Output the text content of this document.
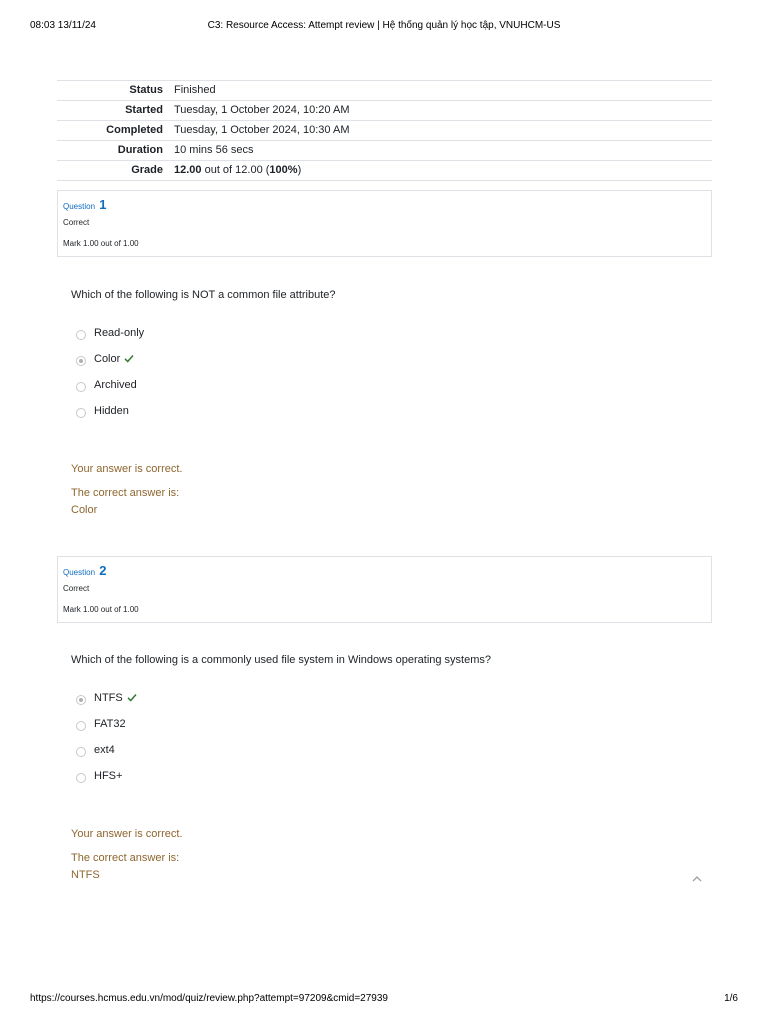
08:03 13/11/24	C3: Resource Access: Attempt review | Hệ thống quản lý học tập, VNUHCM-US
Status	Finished
Started	Tuesday, 1 October 2024, 10:20 AM
Completed	Tuesday, 1 October 2024, 10:30 AM
Duration	10 mins 56 secs
Grade	12.00 out of 12.00 (100%)
Question 1
Correct
Mark 1.00 out of 1.00
Which of the following is NOT a common file attribute?
Read-only
Color
Archived
Hidden
Your answer is correct.
The correct answer is:
Color
Question 2
Correct
Mark 1.00 out of 1.00
Which of the following is a commonly used file system in Windows operating systems?
NTFS
FAT32
ext4
HFS+
Your answer is correct.
The correct answer is:
NTFS
https://courses.hcmus.edu.vn/mod/quiz/review.php?attempt=97209&cmid=27939	1/6
